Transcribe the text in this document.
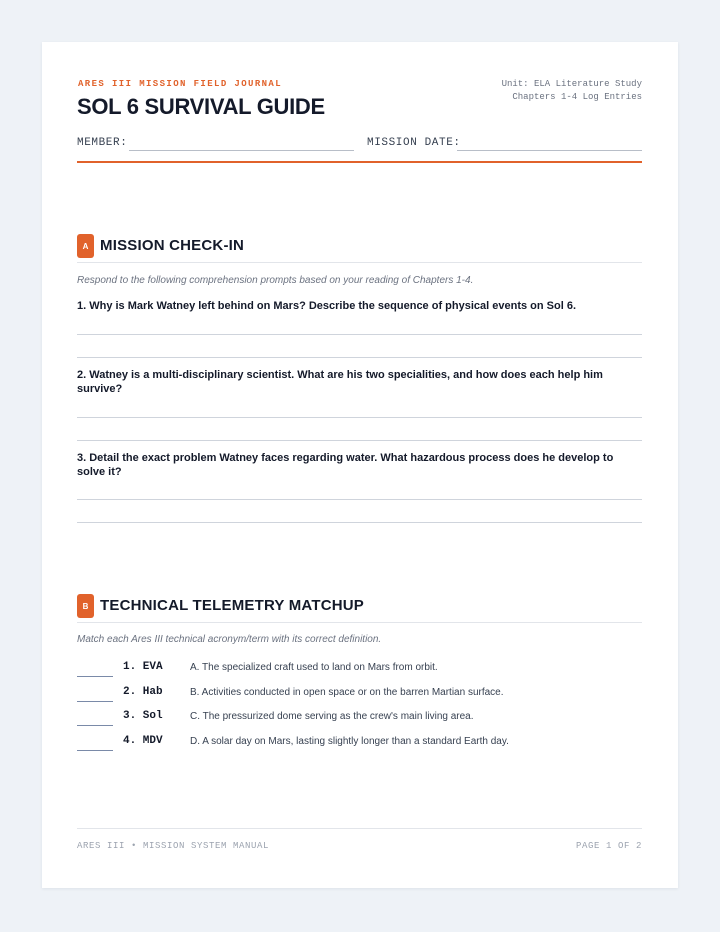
ARES III MISSION FIELD JOURNAL
SOL 6 SURVIVAL GUIDE
Unit: ELA Literature Study
Chapters 1-4 Log Entries
MEMBER:	MISSION DATE:
A MISSION CHECK-IN
Respond to the following comprehension prompts based on your reading of Chapters 1-4.
1. Why is Mark Watney left behind on Mars? Describe the sequence of physical events on Sol 6.
2. Watney is a multi-disciplinary scientist. What are his two specialities, and how does each help him survive?
3. Detail the exact problem Watney faces regarding water. What hazardous process does he develop to solve it?
B TECHNICAL TELEMETRY MATCHUP
Match each Ares III technical acronym/term with its correct definition.
1. EVA	A. The specialized craft used to land on Mars from orbit.
2. Hab	B. Activities conducted in open space or on the barren Martian surface.
3. Sol	C. The pressurized dome serving as the crew's main living area.
4. MDV	D. A solar day on Mars, lasting slightly longer than a standard Earth day.
ARES III • MISSION SYSTEM MANUAL	PAGE 1 OF 2
